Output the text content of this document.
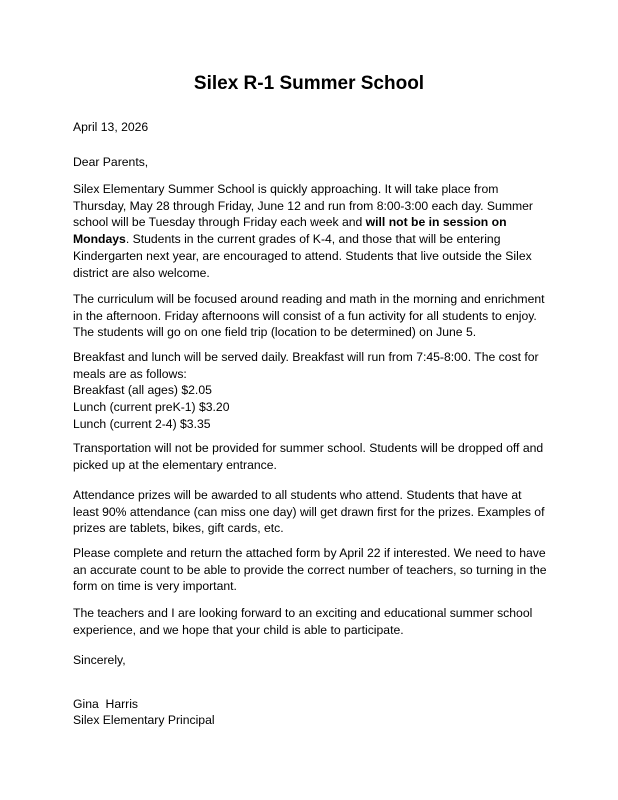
Silex R-1 Summer School

April 13, 2026

Dear Parents,

Silex Elementary Summer School is quickly approaching. It will take place from
Thursday, May 28 through Friday, June 12 and run from 8:00-3:00 each day. Summer
school will be Tuesday through Friday each week and will not be in session on
Mondays. Students in the current grades of K-4, and those that will be entering
Kindergarten next year, are encouraged to attend. Students that live outside the Silex
district are also welcome.
The curriculum will be focused around reading and math in the morning and enrichment
in the afternoon. Friday afternoons will consist of a fun activity for all students to enjoy.
The students will go on one field trip (location to be determined) on June 5.
Breakfast and lunch will be served daily. Breakfast will run from 7:45-8:00. The cost for
meals are as follows:
Breakfast (all ages) $2.05
Lunch (current preK-1) $3.20
Lunch (current 2-4) $3.35
Transportation will not be provided for summer school. Students will be dropped off and
picked up at the elementary entrance.
Attendance prizes will be awarded to all students who attend. Students that have at
least 90% attendance (can miss one day) will get drawn first for the prizes. Examples of
prizes are tablets, bikes, gift cards, etc.
Please complete and return the attached form by April 22 if interested. We need to have
an accurate count to be able to provide the correct number of teachers, so turning in the
form on time is very important.
The teachers and I are looking forward to an exciting and educational summer school
experience, and we hope that your child is able to participate.

Sincerely,

Gina  Harris

Silex Elementary Principal
